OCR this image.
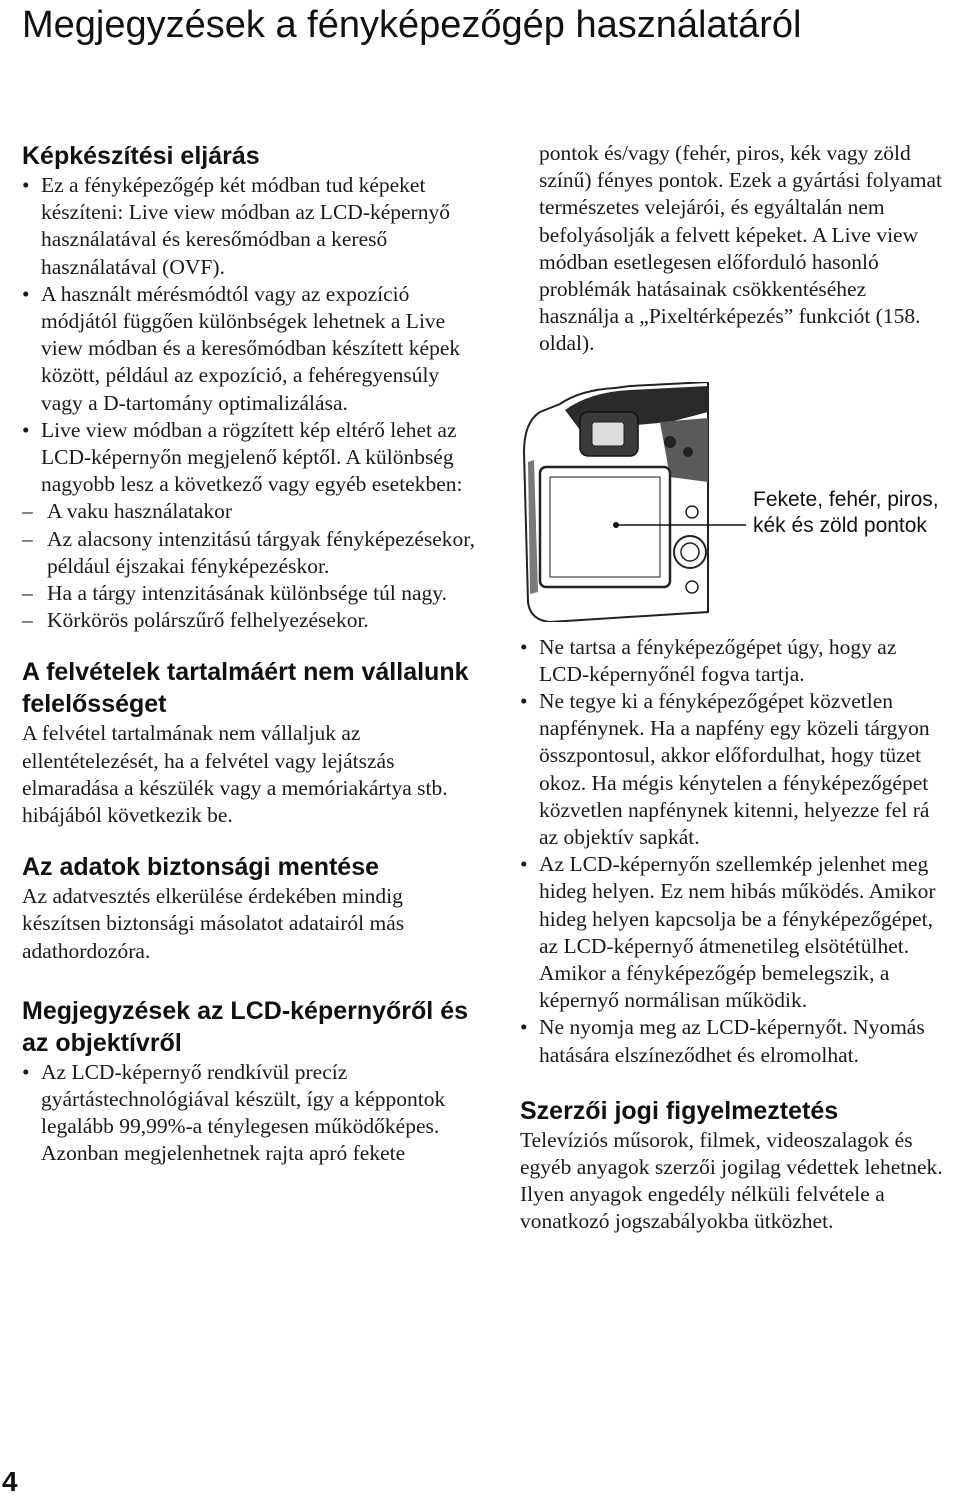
Megjegyzések a fényképezőgép használatáról
Képkészítési eljárás
• Ez a fényképezőgép két módban tud képeket készíteni: Live view módban az LCD-képernyő használatával és keresőmódban a kereső használatával (OVF).
• A használt mérésmódtól vagy az expozíció módjától függően különbségek lehetnek a Live view módban és a keresőmódban készített képek között, például az expozíció, a fehéregyensúly vagy a D-tartomány optimalizálása.
• Live view módban a rögzített kép eltérő lehet az LCD-képernyőn megjelenő képtől. A különbség nagyobb lesz a következő vagy egyéb esetekben:
– A vaku használatakor
– Az alacsony intenzitású tárgyak fényképezésekor, például éjszakai fényképezéskor.
– Ha a tárgy intenzitásának különbsége túl nagy.
– Körkörös polárszűrő felhelyezésekor.
A felvételek tartalmáért nem vállalunk felelősséget

A felvétel tartalmának nem vállaljuk az ellentételezését, ha a felvétel vagy lejátszás elmaradása a készülék vagy a memóriakártya stb. hibájából következik be.

Az adatok biztonsági mentése

Az adatvesztés elkerülése érdekében mindig készítsen biztonsági másolatot adatairól más adathordozóra.

Megjegyzések az LCD-képernyőről és az objektívről
• Az LCD-képernyő rendkívül precíz gyártástechnológiával készült, így a képpontok legalább 99,99%-a ténylegesen működőképes. Azonban megjelenhetnek rajta apró fekete

pontok és/vagy (fehér, piros, kék vagy zöld színű) fényes pontok. Ezek a gyártási folyamat természetes velejárói, és egyáltalán nem befolyásolják a felvett képeket. A Live view módban esetlegesen előforduló hasonló problémák hatásainak csökkentéséhez használja a „Pixeltérképezés” funkciót (158. oldal).

Fekete, fehér, piros, kék és zöld pontok
• Ne tartsa a fényképezőgépet úgy, hogy az LCD-képernyőnél fogva tartja.
• Ne tegye ki a fényképezőgépet közvetlen napfénynek. Ha a napfény egy közeli tárgyon összpontosul, akkor előfordulhat, hogy tüzet okoz. Ha mégis kénytelen a fényképezőgépet közvetlen napfénynek kitenni, helyezze fel rá az objektív sapkát.
• Az LCD-képernyőn szellemkép jelenhet meg hideg helyen. Ez nem hibás működés. Amikor hideg helyen kapcsolja be a fényképezőgépet, az LCD-képernyő átmenetileg elsötétülhet. Amikor a fényképezőgép bemelegszik, a képernyő normálisan működik.
• Ne nyomja meg az LCD-képernyőt. Nyomás hatására elszíneződhet és elromolhat.
Szerzői jogi figyelmeztetés

Televíziós műsorok, filmek, videoszalagok és egyéb anyagok szerzői jogilag védettek lehetnek. Ilyen anyagok engedély nélküli felvétele a vonatkozó jogszabályokba ütközhet.

4
